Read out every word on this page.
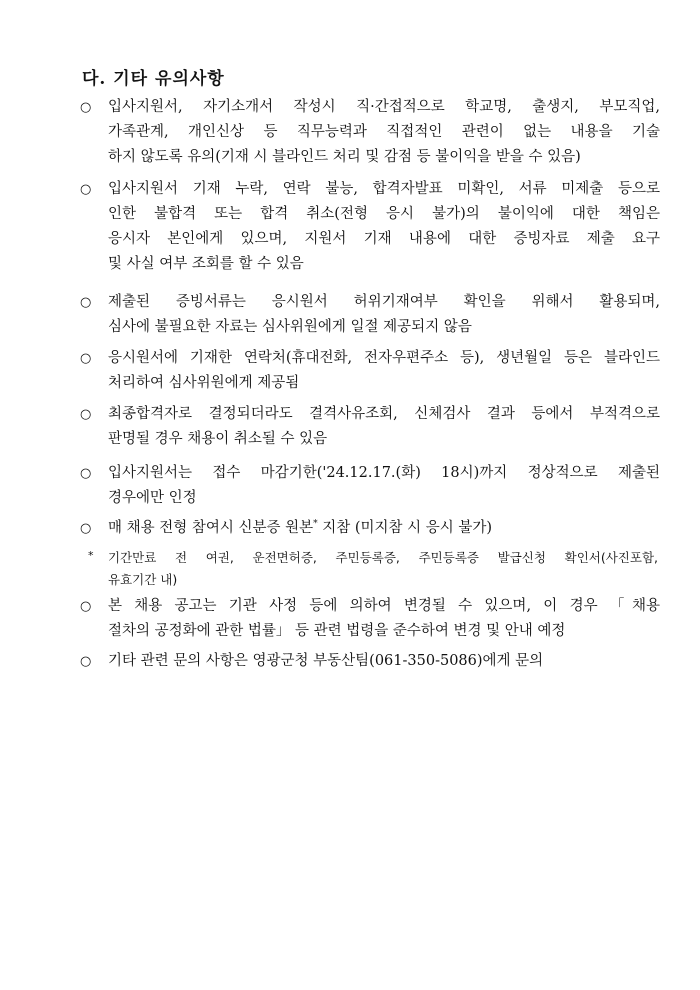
다. 기타 유의사항
○	입사지원서, 자기소개서 작성시 직·간접적으로 학교명, 출생지, 부모직업,
가족관계, 개인신상 등 직무능력과 직접적인 관련이 없는 내용을 기술
하지 않도록 유의(기재 시 블라인드 처리 및 감점 등 불이익을 받을 수 있음)
○	입사지원서 기재 누락, 연락 불능, 합격자발표 미확인, 서류 미제출 등으로
인한 불합격 또는 합격 취소(전형 응시 불가)의 불이익에 대한 책임은
응시자 본인에게 있으며, 지원서 기재 내용에 대한 증빙자료 제출 요구
및 사실 여부 조회를 할 수 있음
○	제출된 증빙서류는 응시원서 허위기재여부 확인을 위해서 활용되며,
심사에 불필요한 자료는 심사위원에게 일절 제공되지 않음
○	응시원서에 기재한 연락처(휴대전화, 전자우편주소 등), 생년월일 등은 블라인드
처리하여 심사위원에게 제공됨
○	최종합격자로 결정되더라도 결격사유조회, 신체검사 결과 등에서 부적격으로
판명될 경우 채용이 취소될 수 있음
○	입사지원서는 접수 마감기한('24.12.17.(화) 18시)까지 정상적으로 제출된
경우에만 인정
○	매 채용 전형 참여시 신분증 원본* 지참 (미지참 시 응시 불가)
*	기간만료 전 여권, 운전면허증, 주민등록증, 주민등록증 발급신청 확인서(사진포함,
유효기간 내)
○	본 채용 공고는 기관 사정 등에 의하여 변경될 수 있으며, 이 경우 「채용
절차의 공정화에 관한 법률」 등 관련 법령을 준수하여 변경 및 안내 예정
○	기타 관련 문의 사항은 영광군청 부동산팀(061-350-5086)에게 문의
